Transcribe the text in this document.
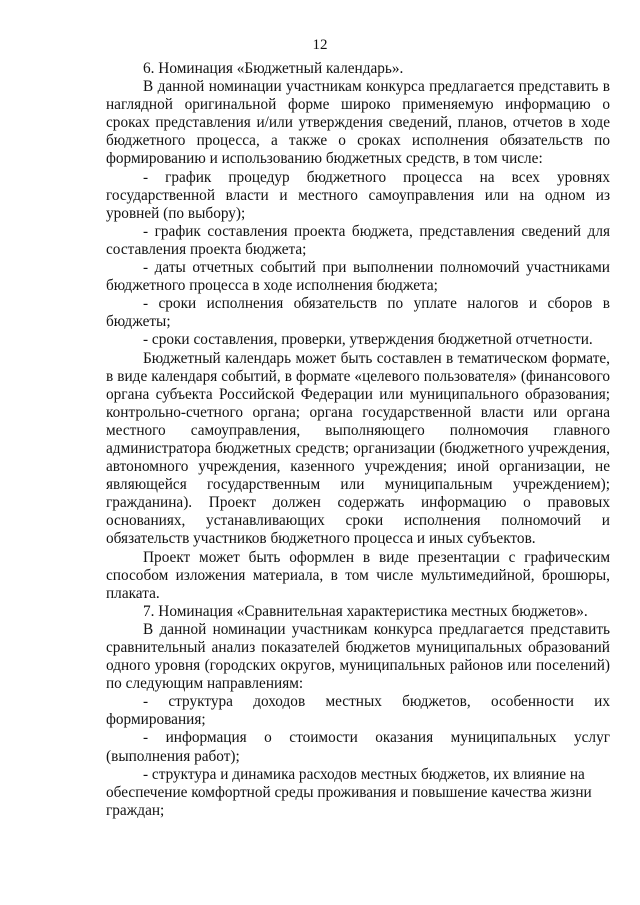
12

6. Номинация «Бюджетный календарь».

В данной номинации участникам конкурса предлагается представить в наглядной оригинальной форме широко применяемую информацию о сроках представления и/или утверждения сведений, планов, отчетов в ходе бюджетного процесса, а также о сроках исполнения обязательств по формированию и использованию бюджетных средств, в том числе:

- график процедур бюджетного процесса на всех уровнях государственной власти и местного самоуправления или на одном из уровней (по выбору);

- график составления проекта бюджета, представления сведений для составления проекта бюджета;

- даты отчетных событий при выполнении полномочий участниками бюджетного процесса в ходе исполнения бюджета;

- сроки исполнения обязательств по уплате налогов и сборов в бюджеты;

- сроки составления, проверки, утверждения бюджетной отчетности.

Бюджетный календарь может быть составлен в тематическом формате, в виде календаря событий, в формате «целевого пользователя» (финансового органа субъекта Российской Федерации или муниципального образования; контрольно-счетного органа; органа государственной власти или органа местного самоуправления, выполняющего полномочия главного администратора бюджетных средств; организации (бюджетного учреждения, автономного учреждения, казенного учреждения; иной организации, не являющейся государственным или муниципальным учреждением); гражданина). Проект должен содержать информацию о правовых основаниях, устанавливающих сроки исполнения полномочий и обязательств участников бюджетного процесса и иных субъектов.

Проект может быть оформлен в виде презентации с графическим способом изложения материала, в том числе мультимедийной, брошюры, плаката.

7. Номинация «Сравнительная характеристика местных бюджетов».

В данной номинации участникам конкурса предлагается представить сравнительный анализ показателей бюджетов муниципальных образований одного уровня (городских округов, муниципальных районов или поселений) по следующим направлениям:

- структура доходов местных бюджетов, особенности их формирования;

- информация о стоимости оказания муниципальных услуг (выполнения работ);

- структура и динамика расходов местных бюджетов, их влияние на обеспечение комфортной среды проживания и повышение качества жизни граждан;
